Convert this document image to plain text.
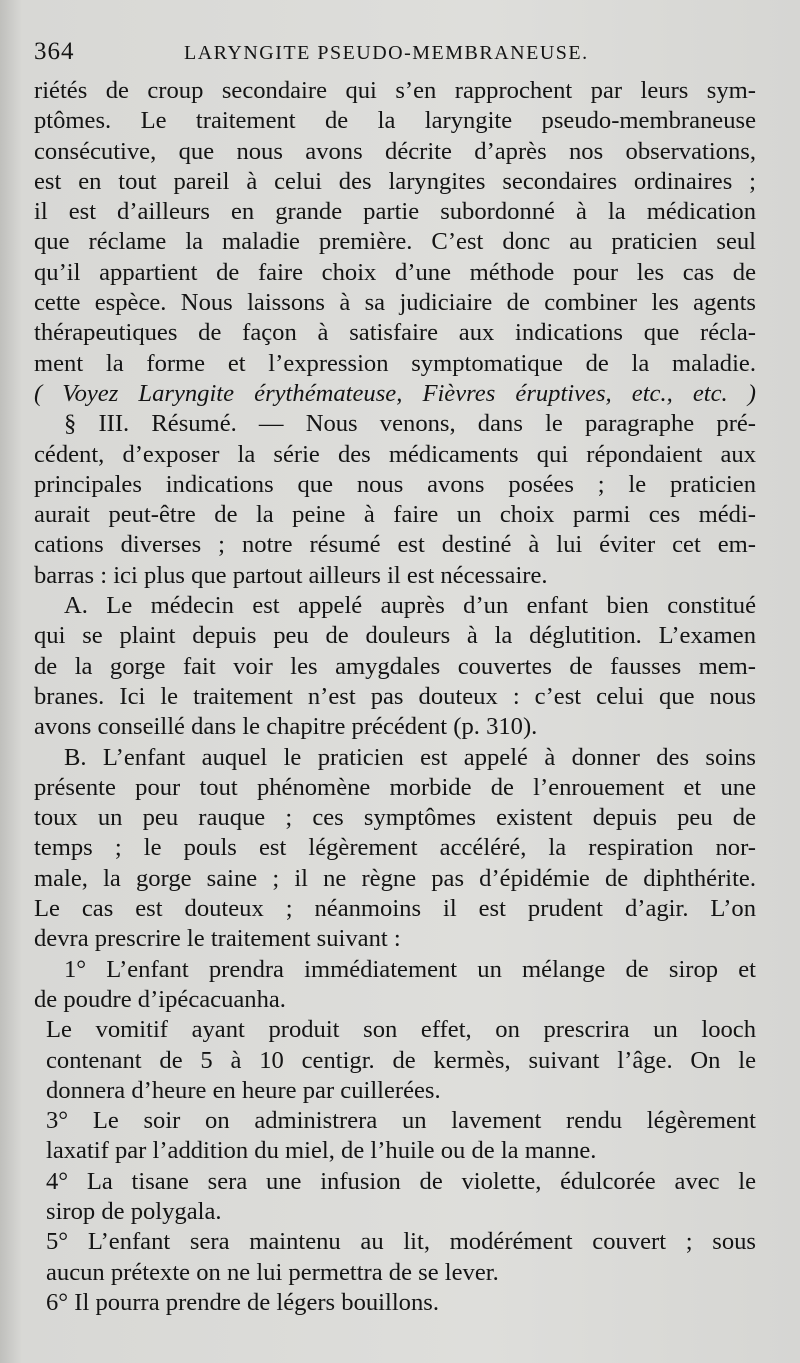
364	LARYNGITE PSEUDO-MEMBRANEUSE.
riétés de croup secondaire qui s’en rapprochent par leurs sym-
ptômes. Le traitement de la laryngite pseudo-membraneuse
consécutive, que nous avons décrite d’après nos observations,
est en tout pareil à celui des laryngites secondaires ordinaires ;
il est d’ailleurs en grande partie subordonné à la médication
que réclame la maladie première. C’est donc au praticien seul
qu’il appartient de faire choix d’une méthode pour les cas de
cette espèce. Nous laissons à sa judiciaire de combiner les agents
thérapeutiques de façon à satisfaire aux indications que récla-
ment la forme et l’expression symptomatique de la maladie.
( Voyez Laryngite érythémateuse, Fièvres éruptives, etc., etc. )
§ III. Résumé. — Nous venons, dans le paragraphe pré-
cédent, d’exposer la série des médicaments qui répondaient aux
principales indications que nous avons posées ; le praticien
aurait peut-être de la peine à faire un choix parmi ces médi-
cations diverses ; notre résumé est destiné à lui éviter cet em-
barras : ici plus que partout ailleurs il est nécessaire.
A. Le médecin est appelé auprès d’un enfant bien constitué
qui se plaint depuis peu de douleurs à la déglutition. L’examen
de la gorge fait voir les amygdales couvertes de fausses mem-
branes. Ici le traitement n’est pas douteux : c’est celui que nous
avons conseillé dans le chapitre précédent (p. 310).
B. L’enfant auquel le praticien est appelé à donner des soins
présente pour tout phénomène morbide de l’enrouement et une
toux un peu rauque ; ces symptômes existent depuis peu de
temps ; le pouls est légèrement accéléré, la respiration nor-
male, la gorge saine ; il ne règne pas d’épidémie de diphthérite.
Le cas est douteux ; néanmoins il est prudent d’agir. L’on
devra prescrire le traitement suivant :
1° L’enfant prendra immédiatement un mélange de sirop et
de poudre d’ipécacuanha.
Le vomitif ayant produit son effet, on prescrira un looch
contenant de 5 à 10 centigr. de kermès, suivant l’âge. On le
donnera d’heure en heure par cuillerées.
3° Le soir on administrera un lavement rendu légèrement
laxatif par l’addition du miel, de l’huile ou de la manne.
4° La tisane sera une infusion de violette, édulcorée avec le
sirop de polygala.
5° L’enfant sera maintenu au lit, modérément couvert ; sous
aucun prétexte on ne lui permettra de se lever.
6° Il pourra prendre de légers bouillons.
